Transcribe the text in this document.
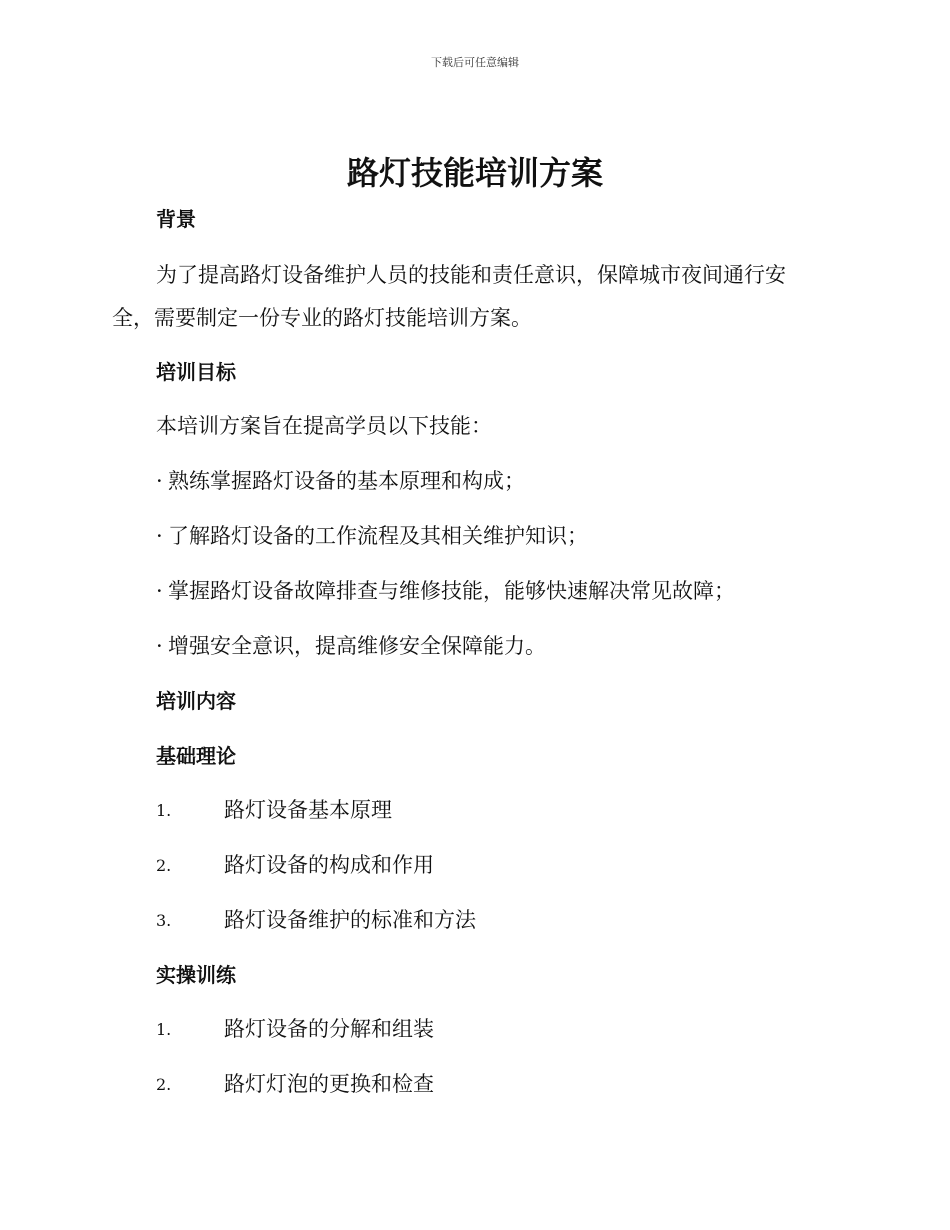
下载后可任意编辑
路灯技能培训方案
背景

为了提高路灯设备维护人员的技能和责任意识，保障城市夜间通行安

全，需要制定一份专业的路灯技能培训方案。

培训目标

本培训方案旨在提高学员以下技能：

· 熟练掌握路灯设备的基本原理和构成；

· 了解路灯设备的工作流程及其相关维护知识；

· 掌握路灯设备故障排查与维修技能，能够快速解决常见故障；

· 增强安全意识，提高维修安全保障能力。

培训内容
基础理论
1.	路灯设备基本原理
2.	路灯设备的构成和作用
3.	路灯设备维护的标准和方法
实操训练
1.	路灯设备的分解和组装
2.	路灯灯泡的更换和检查
